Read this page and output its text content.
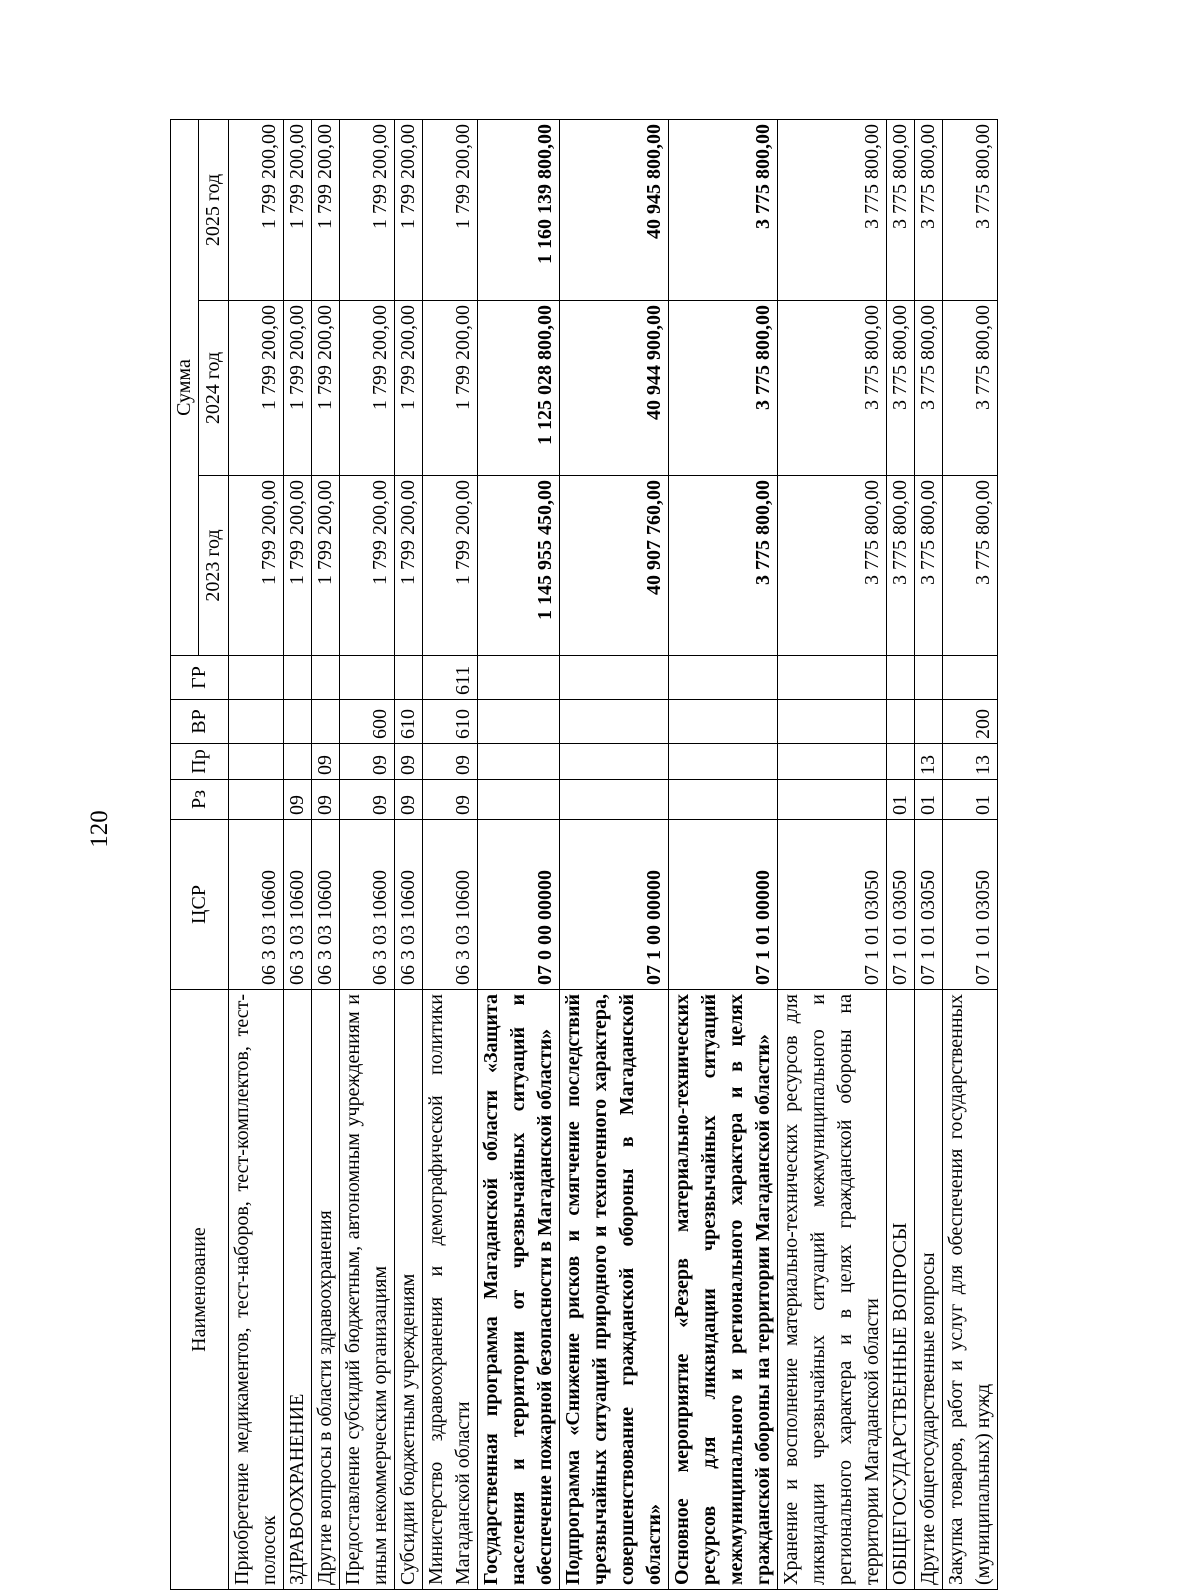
120
Наименование	ЦСР	Рз	Пр	ВР	ГР	Сумма		
						2023 год	2024 год	2025 год
Приобретение медикаментов, тест-наборов, тест-комплектов, тест-полосок	06 3 03 10600					1 799 200,00	1 799 200,00	1 799 200,00
ЗДРАВООХРАНЕНИЕ	06 3 03 10600	09				1 799 200,00	1 799 200,00	1 799 200,00
Другие вопросы в области здравоохранения	06 3 03 10600	09	09			1 799 200,00	1 799 200,00	1 799 200,00
Предоставление субсидий бюджетным, автономным учреждениям и иным некоммерческим организациям	06 3 03 10600	09	09	600		1 799 200,00	1 799 200,00	1 799 200,00
Субсидии бюджетным учреждениям	06 3 03 10600	09	09	610		1 799 200,00	1 799 200,00	1 799 200,00
Министерство здравоохранения и демографической политики Магаданской области	06 3 03 10600	09	09	610	611	1 799 200,00	1 799 200,00	1 799 200,00
Государственная программа Магаданской области «Защита населения и территории от чрезвычайных ситуаций и обеспечение пожарной безопасности в Магаданской области»	07 0 00 00000					1 145 955 450,00	1 125 028 800,00	1 160 139 800,00
Подпрограмма «Снижение рисков и смягчение последствий чрезвычайных ситуаций природного и техногенного характера, совершенствование гражданской обороны в Магаданской области»	07 1 00 00000					40 907 760,00	40 944 900,00	40 945 800,00
Основное мероприятие «Резерв материально-технических ресурсов для ликвидации чрезвычайных ситуаций межмуниципального и регионального характера и в целях гражданской обороны на территории Магаданской области»	07 1 01 00000					3 775 800,00	3 775 800,00	3 775 800,00
Хранение и восполнение материально-технических ресурсов для ликвидации чрезвычайных ситуаций межмуниципального и регионального характера и в целях гражданской обороны на территории Магаданской области	07 1 01 03050					3 775 800,00	3 775 800,00	3 775 800,00
ОБЩЕГОСУДАРСТВЕННЫЕ ВОПРОСЫ	07 1 01 03050	01				3 775 800,00	3 775 800,00	3 775 800,00
Другие общегосударственные вопросы	07 1 01 03050	01	13			3 775 800,00	3 775 800,00	3 775 800,00
Закупка товаров, работ и услуг для обеспечения государственных (муниципальных) нужд	07 1 01 03050	01	13	200		3 775 800,00	3 775 800,00	3 775 800,00
